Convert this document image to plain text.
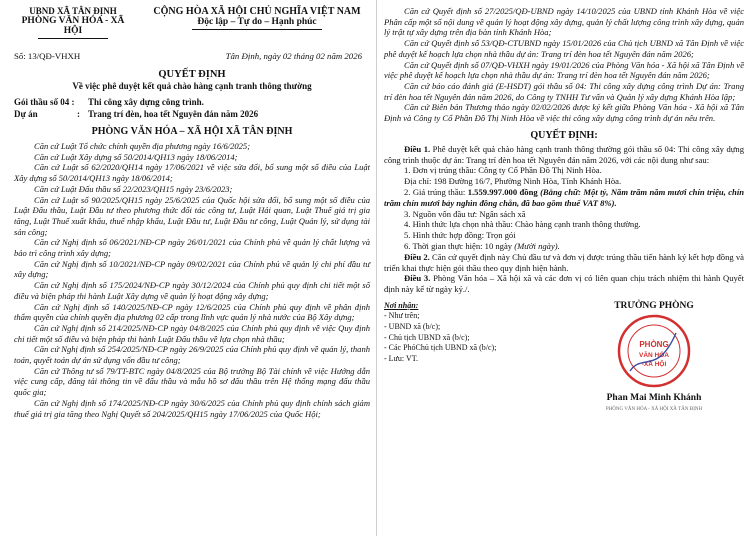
UBND XÃ TÂN ĐỊNH
PHÒNG VĂN HÓA - XÃ HỘI
CỘNG HÒA XÃ HỘI CHỦ NGHĨA VIỆT NAM
Độc lập – Tự do – Hạnh phúc
Số: 13/QĐ-VHXH	Tân Định, ngày 02 tháng 02 năm 2026
QUYẾT ĐỊNH
Về việc phê duyệt kết quả chào hàng cạnh tranh thông thường
Gói thầu số 04 :	Thi công xây dựng công trình.
Dự án	: Trang trí đèn, hoa tết Nguyên đán năm 2026
PHÒNG VĂN HÓA – XÃ HỘI XÃ TÂN ĐỊNH

Căn cứ Luật Tổ chức chính quyền địa phương ngày 16/6/2025;

Căn cứ Luật Xây dựng số 50/2014/QH13 ngày 18/06/2014;

Căn cứ Luật số 62/2020/QH14 ngày 17/06/2021 về việc sửa đổi, bổ sung một số điều của Luật Xây dựng số 50/2014/QH13 ngày 18/06/2014;

Căn cứ Luật Đấu thầu số 22/2023/QH15 ngày 23/6/2023;

Căn cứ Luật số 90/2025/QH15 ngày 25/6/2025 của Quốc hội sửa đổi, bổ sung một số điều của Luật Đấu thầu, Luật Đầu tư theo phương thức đối tác công tư, Luật Hải quan, Luật Thuế giá trị gia tăng, Luật Thuế xuất khẩu, thuế nhập khẩu, Luật Đầu tư, Luật Đầu tư công, Luật Quản lý, sử dụng tài sản công;

Căn cứ Nghị định số 06/2021/NĐ-CP ngày 26/01/2021 của Chính phủ về quản lý chất lượng và bảo trì công trình xây dựng;

Căn cứ Nghị định số 10/2021/NĐ-CP ngày 09/02/2021 của Chính phủ về quản lý chi phí đầu tư xây dựng;

Căn cứ Nghị định số 175/2024/NĐ-CP ngày 30/12/2024 của Chính phủ quy định chi tiết một số điều và biện pháp thi hành Luật Xây dựng về quản lý hoạt động xây dựng;

Căn cứ Nghị định số 140/2025/NĐ-CP ngày 12/6/2025 của Chính phủ quy định về phân định thẩm quyền của chính quyền địa phương 02 cấp trong lĩnh vực quản lý nhà nước của Bộ Xây dựng;

Căn cứ Nghị định số 214/2025/NĐ-CP ngày 04/8/2025 của Chính phủ quy định về việc Quy định chi tiết một số điều và biện pháp thi hành Luật Đấu thầu về lựa chọn nhà thầu;

Căn cứ Nghị định số 254/2025/NĐ-CP ngày 26/9/2025 của Chính phủ quy định về quản lý, thanh toán, quyết toán dự án sử dụng vốn đầu tư công;

Căn cứ Thông tư số 79/TT-BTC ngày 04/8/2025 của Bộ trưởng Bộ Tài chính về việc Hướng dẫn việc cung cấp, đăng tải thông tin về đấu thầu và mẫu hồ sơ đấu thầu trên Hệ thống mạng đấu thầu quốc gia;

Căn cứ Nghị định số 174/2025/NĐ-CP ngày 30/6/2025 của Chính phủ quy định chính sách giảm thuế giá trị gia tăng theo Nghị Quyết số 204/2025/QH15 ngày 17/06/2025 của Quốc Hội;

Căn cứ Quyết định số 27/2025/QĐ-UBND ngày 14/10/2025 của UBND tỉnh Khánh Hòa về việc Phân cấp một số nội dung về quản lý hoạt động xây dựng, quản lý chất lượng công trình xây dựng, quản lý trật tự xây dựng trên địa bàn tỉnh Khánh Hòa;

Căn cứ Quyết định số 53/QĐ-CTUBND ngày 15/01/2026 của Chủ tịch UBND xã Tân Định về việc phê duyệt kế hoạch lựa chọn nhà thầu dự án: Trang trí đèn hoa tết Nguyên đán năm 2026;

Căn cứ Quyết định số 07/QĐ-VHXH ngày 19/01/2026 của Phòng Văn hóa - Xã hội xã Tân Định về việc phê duyệt kế hoạch lựa chọn nhà thầu dự án: Trang trí đèn hoa tết Nguyên đán năm 2026;

Căn cứ báo cáo đánh giá (E-HSDT) gói thầu số 04: Thi công xây dựng công trình Dự án: Trang trí đèn hoa tết Nguyên đán năm 2026, do Công ty TNHH Tư vấn và Quản lý xây dựng Khánh Hòa lập;

Căn cứ Biên bản Thương thảo ngày 02/02/2026 được ký kết giữa Phòng Văn hóa - Xã hội xã Tân Định và Công ty Cổ Phần Đồ Thị Ninh Hòa về việc thi công xây dựng công trình dự án nêu trên.

QUYẾT ĐỊNH:

Điều 1. Phê duyệt kết quả chào hàng cạnh tranh thông thường gói thầu số 04: Thi công xây dựng công trình thuộc dự án: Trang trí đèn hoa tết Nguyên đán năm 2026, với các nội dung như sau:

1. Đơn vị trúng thầu: Công ty Cổ Phần Đồ Thị Ninh Hòa.

Địa chỉ: 198 Đường 16/7, Phường Ninh Hòa, Tỉnh Khánh Hòa.

2. Giá trúng thầu: 1.559.997.000 đồng (Bằng chữ: Một tỷ, Năm trăm năm mươi chín triệu, chín trăm chín mươi bảy nghìn đồng chẵn, đã bao gồm thuế VAT 8%).

3. Nguồn vốn đầu tư: Ngân sách xã

4. Hình thức lựa chọn nhà thầu: Chào hàng cạnh tranh thông thường.

5. Hình thức hợp đồng: Trọn gói

6. Thời gian thực hiện: 10 ngày (Mười ngày).

Điều 2. Căn cứ quyết định này Chủ đầu tư và đơn vị được trúng thầu tiến hành ký kết hợp đồng và triển khai thực hiện gói thầu theo quy định hiện hành.

Điều 3. Phòng Văn hóa – Xã hội xã và các đơn vị có liên quan chịu trách nhiệm thi hành Quyết định này kể từ ngày ký./.

Nơi nhận:
- Như trên;
- UBND xã (b/c);
- Chủ tịch UBND xã (b/c);
- Các PhóChủ tịch UBND xã (b/c);
- Lưu: VT.
TRƯỞNG PHÒNG
PHÒNG
VĂN HÓA
-XÃ HỘI
Phan Mai Minh Khánh
PHÒNG VĂN HÓA - XÃ HỘI XÃ TÂN ĐỊNH
